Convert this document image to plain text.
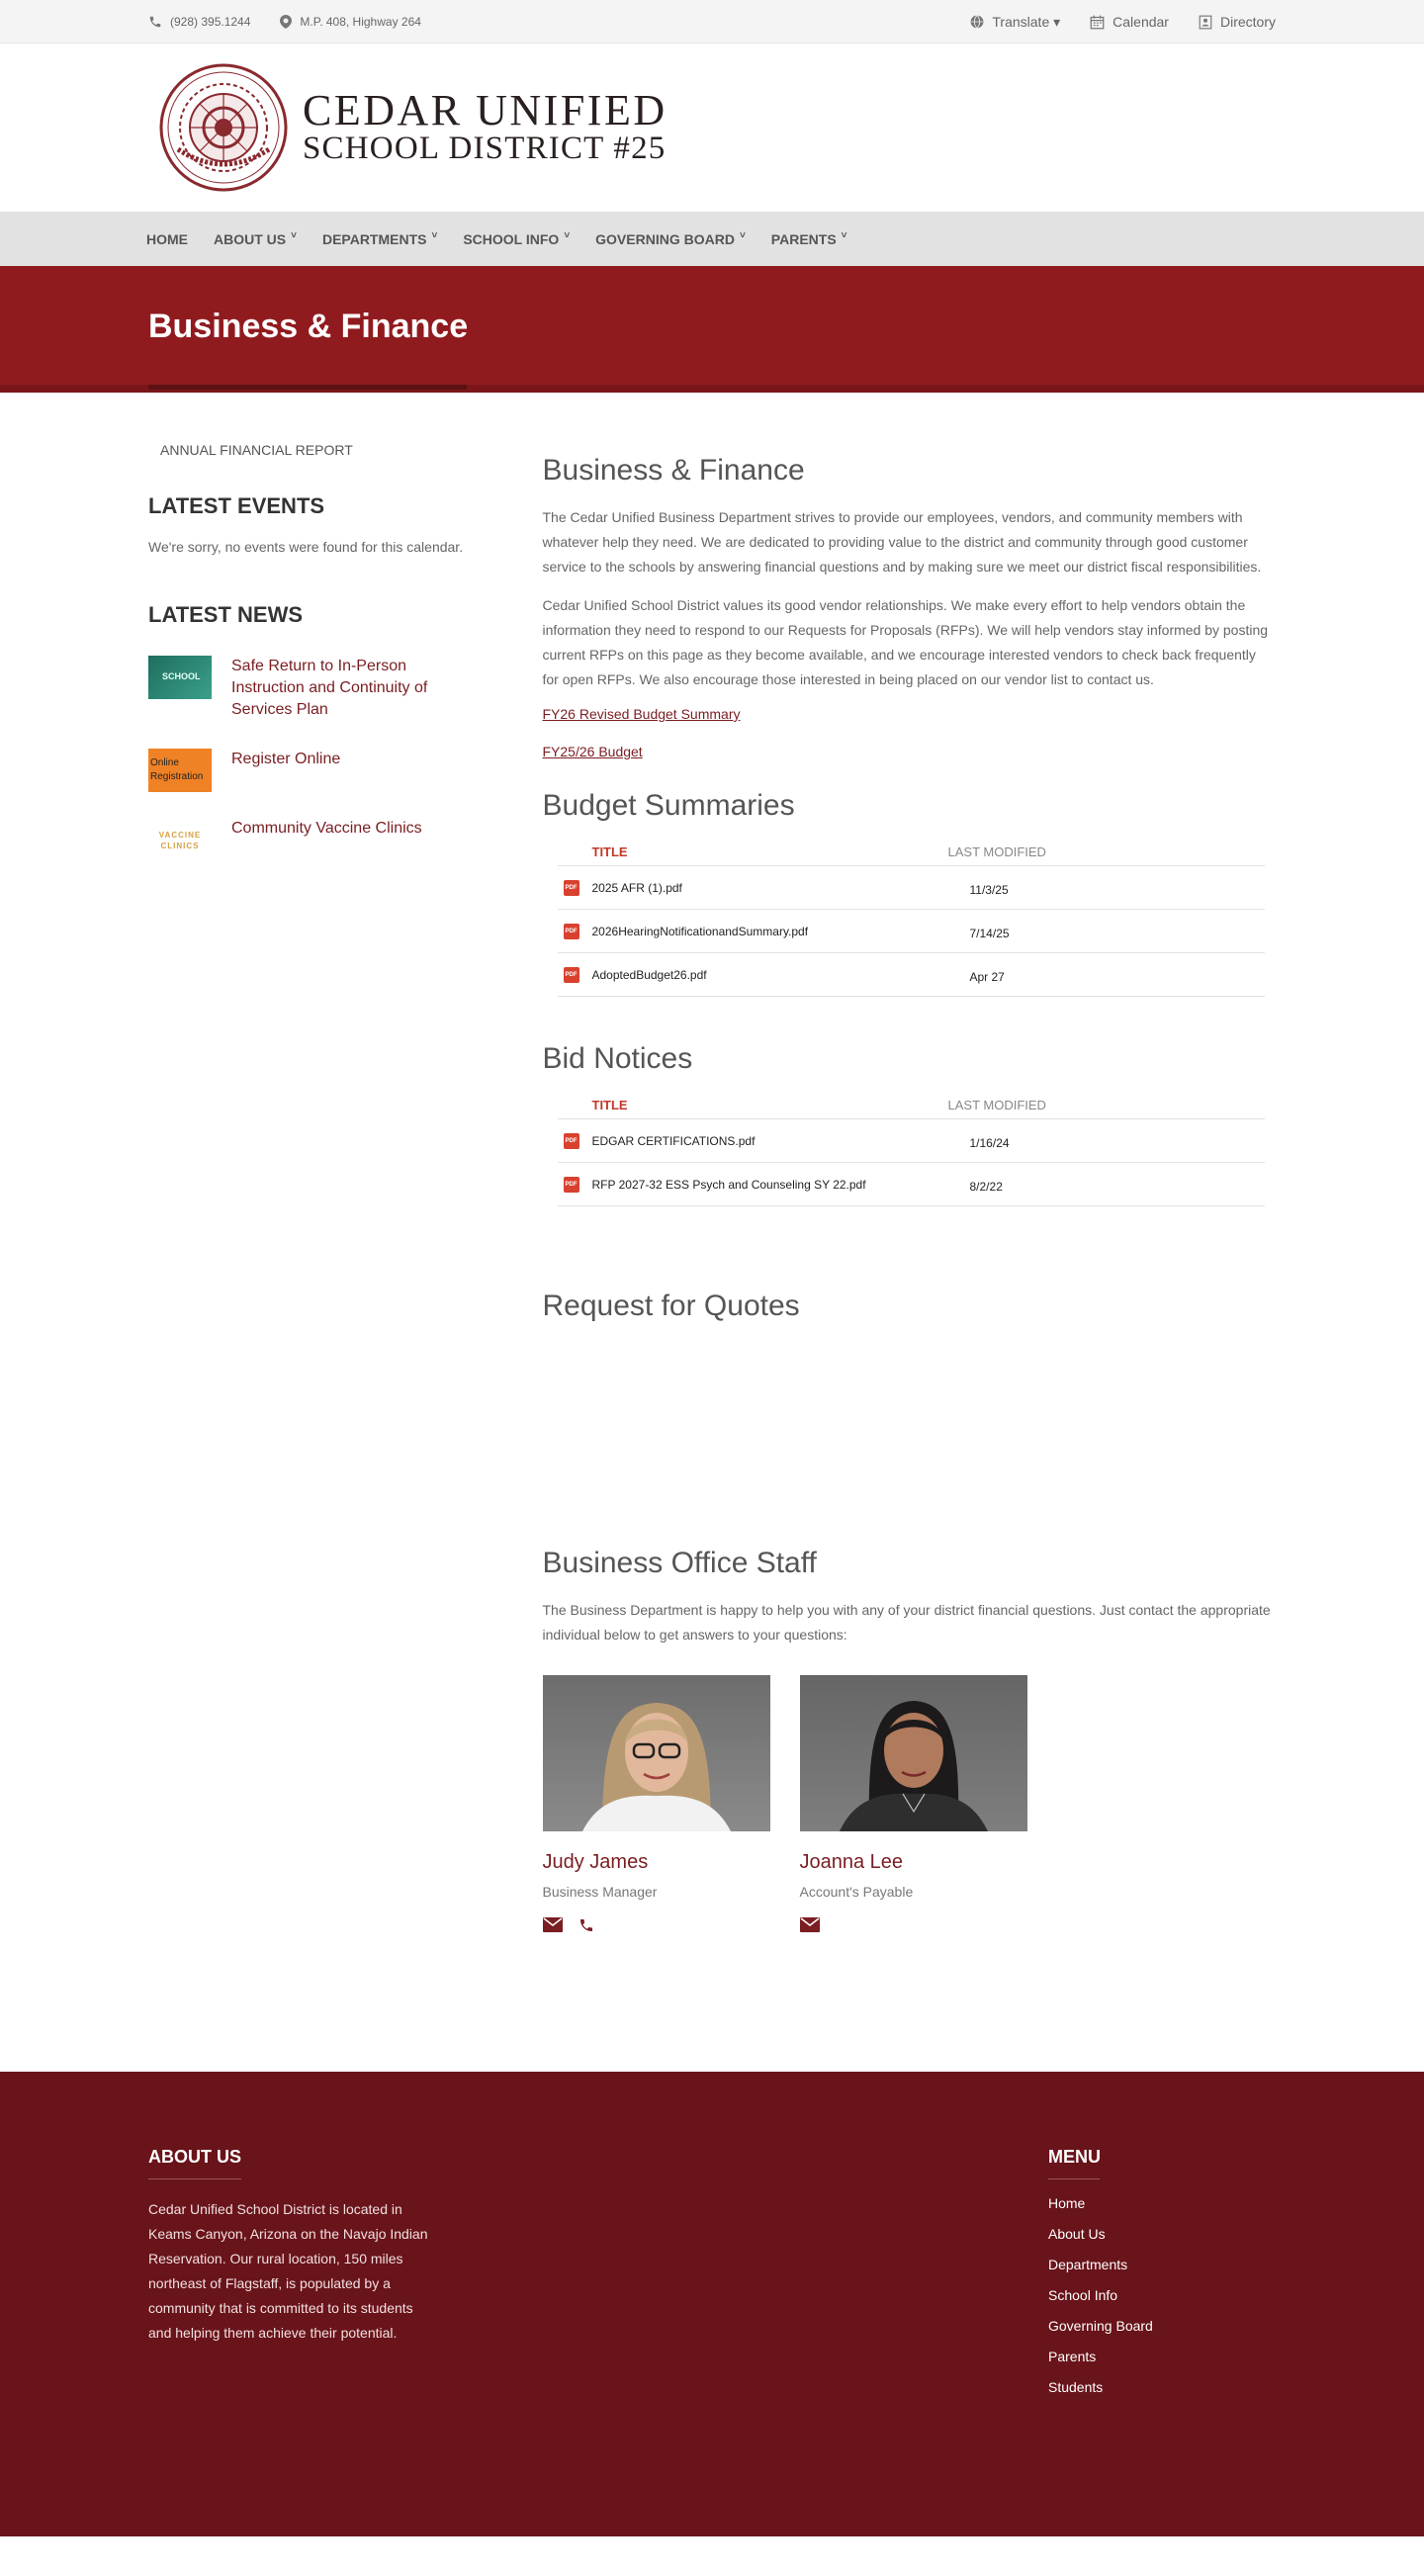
(928) 395.1244	M.P. 408, Highway 264	Translate ▾	Calendar	Directory
CEDAR UNIFIED
SCHOOL DISTRICT #25
HOME ABOUT US ˅ DEPARTMENTS ˅ SCHOOL INFO ˅ GOVERNING BOARD ˅ PARENTS ˅
Business & Finance
ANNUAL FINANCIAL REPORT
LATEST EVENTS
We're sorry, no events were found for this calendar.
LATEST NEWS
SCHOOL
Safe Return to In-Person Instruction and Continuity of Services Plan
Online Registration
Register Online
VACCINE CLINICS
Community Vaccine Clinics
Business & Finance

The Cedar Unified Business Department strives to provide our employees, vendors, and community members with whatever help they need. We are dedicated to providing value to the district and community through good customer service to the schools by answering financial questions and by making sure we meet our district fiscal responsibilities.

Cedar Unified School District values its good vendor relationships. We make every effort to help vendors obtain the information they need to respond to our Requests for Proposals (RFPs). We will help vendors stay informed by posting current RFPs on this page as they become available, and we encourage interested vendors to check back frequently for open RFPs. We also encourage those interested in being placed on our vendor list to contact us.

FY26 Revised Budget Summary
FY25/26 Budget
Budget Summaries
TITLE	LAST MODIFIED
PDF	2025 AFR (1).pdf	11/3/25
PDF	2026HearingNotificationandSummary.pdf	7/14/25
PDF	AdoptedBudget26.pdf	Apr 27
Bid Notices
TITLE	LAST MODIFIED
PDF	EDGAR CERTIFICATIONS.pdf	1/16/24
PDF	RFP 2027-32 ESS Psych and Counseling SY 22.pdf	8/2/22
Request for Quotes
Business Office Staff

The Business Department is happy to help you with any of your district financial questions. Just contact the appropriate individual below to get answers to your questions:

Judy James
Business Manager
Joanna Lee
Account's Payable
ABOUT US
Cedar Unified School District is located in Keams Canyon, Arizona on the Navajo Indian Reservation. Our rural location, 150 miles northeast of Flagstaff, is populated by a community that is committed to its students and helping them achieve their potential.
MENU
Home
About Us
Departments
School Info
Governing Board
Parents
Students
